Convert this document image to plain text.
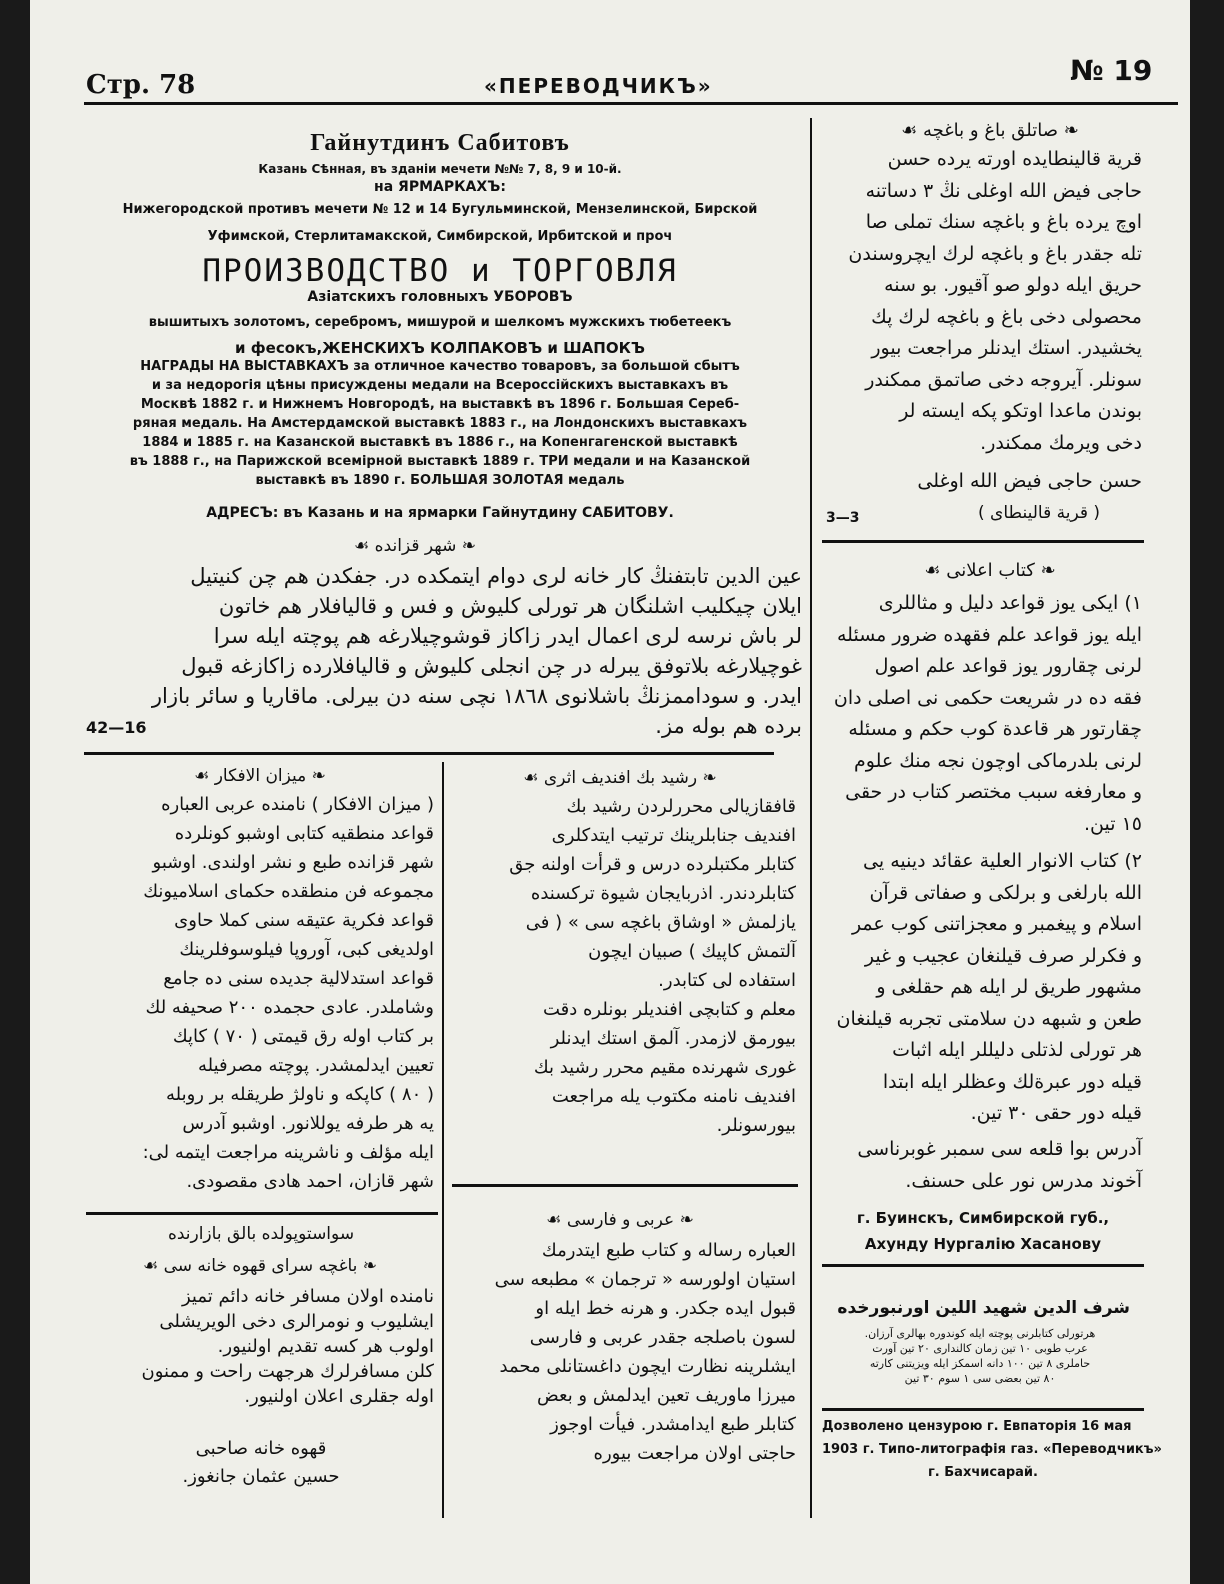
Стр. 78	«ПЕРЕВОДЧИКЪ»	№ 19
Гайнутдинъ Сабитовъ
Казань Сѣнная, въ зданіи мечети №№ 7, 8, 9 и 10-й.
на ЯРМАРКАХЪ:
Нижегородской противъ мечети № 12 и 14 Бугульминской, Мензелинской, Бирской
Уфимской, Стерлитамакской, Симбирской, Ирбитской и проч
ПРОИЗВОДСТВО и ТОРГОВЛЯ
Азіатскихъ головныхъ УБОРОВЪ
вышитыхъ золотомъ, серебромъ, мишурой и шелкомъ мужскихъ тюбетеекъ
и фесокъ,ЖЕНСКИХЪ КОЛПАКОВЪ и ШАПОКЪ
НАГРАДЫ НА ВЫСТАВКАХЪ за отличное качество товаровъ, за большой сбытъ
и за недорогія цѣны присуждены медали на Всероссійскихъ выставкахъ въ
Москвѣ 1882 г. и Нижнемъ Новгородѣ, на выставкѣ въ 1896 г. Большая Сереб-
ряная медаль. На Амстердамской выставкѣ 1883 г., на Лондонскихъ выставкахъ
1884 и 1885 г. на Казанской выставкѣ въ 1886 г., на Копенгагенской выставкѣ
въ 1888 г., на Парижской всемірной выставкѣ 1889 г. ТРИ медали и на Казанской
выставкѣ въ 1890 г. БОЛЬШАЯ ЗОЛОТАЯ медаль
АДРЕСЪ: въ Казань и на ярмарки Гайнутдину САБИТОВУ.
❧ شهر قزانده ☙
عين الدين تابتڧنڭ كار خانه لرى دوام ايتمكده در. جفكدن هم چن كنيتيل
ايلان چيكليب اشلنگان هر تورلى كليوش و فس و قاليافلار هم خاتون
لر باش نرسه لرى اعمال ايدر زاكاز قوشوچيلارغه هم پوچته ايله سرا
غوچيلارغه بلاتوفق يبرله در چن انجلى كليوش و قاليافلارده زاكازغه قبول
ايدر. و سوداممزنڭ باشلانوى ١٨٦٨ نچى سنه دن بيرلى. ماقاريا و سائر بازار
برده هم بوله مز.
42—16
❧ صاتلق باغ و باغچه ☙
قرية قالينطايده اورته يرده حسن
حاجى فيض الله اوغلى نڭ ٣ دساتنه
اوچ يرده باغ و باغچه سنك تملى صا
تله جقدر باغ و باغچه لرك ايچروسندن
حريق ايله دولو صو آقيور. بو سنه
محصولى دخى باغ و باغچه لرك پك
يخشيدر. استك ايدنلر مراجعت بيور
سونلر. آيروجه دخى صاتمق ممكندر
بوندن ماعدا اوتكو پكه ايسته لر
دخى ويرمك ممكندر.
حسن حاجى فيض الله اوغلى
( قرية قالينطاى )
3—3
❧ كتاب اعلانى ☙
١) ايكى يوز قواعد دليل و مثاللرى
ايله يوز قواعد علم فقهده ضرور مسئله
لرنى چقارور يوز قواعد علم اصول
فقه ده در شريعت حكمى نى اصلى دان
چقارتور هر قاعدة كوب حكم و مسئله
لرنى بلدرماكى اوچون نجه منك علوم
و معارفغه سبب مختصر كتاب در حقى
١٥ تين.
٢) كتاب الانوار العلية عقائد دينيه يى
الله بارلغى و برلكى و صفاتى قرآن
اسلام و پيغمبر و معجزاتنى كوب عمر
و فكرلر صرف قيلنغان عجيب و غير
مشهور طريق لر ايله هم حقلغى و
طعن و شبهه دن سلامتى تجربه قيلنغان
هر تورلى لذتلى دليللر ايله اثبات
قيله دور عبرةلك وعظلر ايله ابتدا
قيله دور حقى ٣٠ تين.
آدرس بوا قلعه سى سمبر غوبرناسى
آخوند مدرس نور على حسنف.
г. Буинскъ, Симбирской губ.,
Ахунду Нургалію Хасанову
شرف الدين شهيد اللين اورنبورخده
هرتورلى كتابلرنى پوچته ايله كوندوره بهالرى آرزان.
عرب طوبى ١٠ تين زمان كالندارى ٢٠ تين آورت
حاملرى ٨ تين ١٠٠ دانه اسمكز ايله ويزيتنى كارته
٨٠ تين بعضى سى ١ سوم ٣٠ تين
Дозволено цензурою г. Евпаторія 16 мая
1903 г. Типо-литографія газ. «Переводчикъ»
г. Бахчисарай.
❧ ميزان الافكار ☙
( ميزان الافكار ) نامنده عربى العباره
قواعد منطقيه كتابى اوشبو كونلرده
شهر قزانده طبع و نشر اولندى. اوشبو
مجموعه فن منطقده حكماى اسلاميونك
قواعد فكرية عتيقه سنى كملا حاوى
اولديغى كبى، آوروپا فيلوسوفلرينك
قواعد استدلالية جديده سنى ده جامع
وشاملدر. عادى حجمده ٢٠٠ صحيفه لك
بر كتاب اوله رق قيمتى ( ٧٠ ) كاپك
تعيين ايدلمشدر. پوچته مصرفيله
( ٨٠ ) كاپكه و ناولژ طريقله بر روبله
يه هر طرفه يوللانور. اوشبو آدرس
ايله مؤلف و ناشرينه مراجعت ايتمه لى:
شهر قازان، احمد هادى مقصودى.
سواستوپولده بالق بازارنده
❧ باغچه سراى قهوه خانه سى ☙
نامنده اولان مسافر خانه دائم تميز
ايشليوب و نومرالرى دخى الويريشلى
اولوب هر كسه تقديم اولنيور.
كلن مسافرلرك هرجهت راحت و ممنون
اوله جقلرى اعلان اولنيور.
قهوه خانه صاحبى
حسين عثمان جانغوز.
❧ رشيد بك افنديف اثرى ☙
قافقازيالى محررلردن رشيد بك
افنديف جنابلرينك ترتيب ايتدكلرى
كتابلر مكتبلرده درس و قرأت اولنه جق
كتابلردندر. اذربايجان شيوة تركسنده
يازلمش « اوشاق باغچه سى » ( فى
آلتمش كاپيك ) صبيان ايچون
استفاده لى كتابدر.
معلم و كتابچى افنديلر بونلره دقت
بيورمق لازمدر. آلمق استك ايدنلر
غورى شهرنده مقيم محرر رشيد بك
افنديف نامنه مكتوب يله مراجعت
بيورسونلر.
❧ عربى و فارسى ☙
العباره رساله و كتاب طبع ايتدرمك
استيان اولورسه « ترجمان » مطبعه سى
قبول ايده جكدر. و هرنه خط ايله او
لسون باصلجه جقدر عربى و فارسى
ايشلرينه نظارت ايچون داغستانلى محمد
ميرزا ماوريف تعين ايدلمش و بعض
كتابلر طبع ايدامشدر. فيأت اوجوز
حاجتى اولان مراجعت بيوره
